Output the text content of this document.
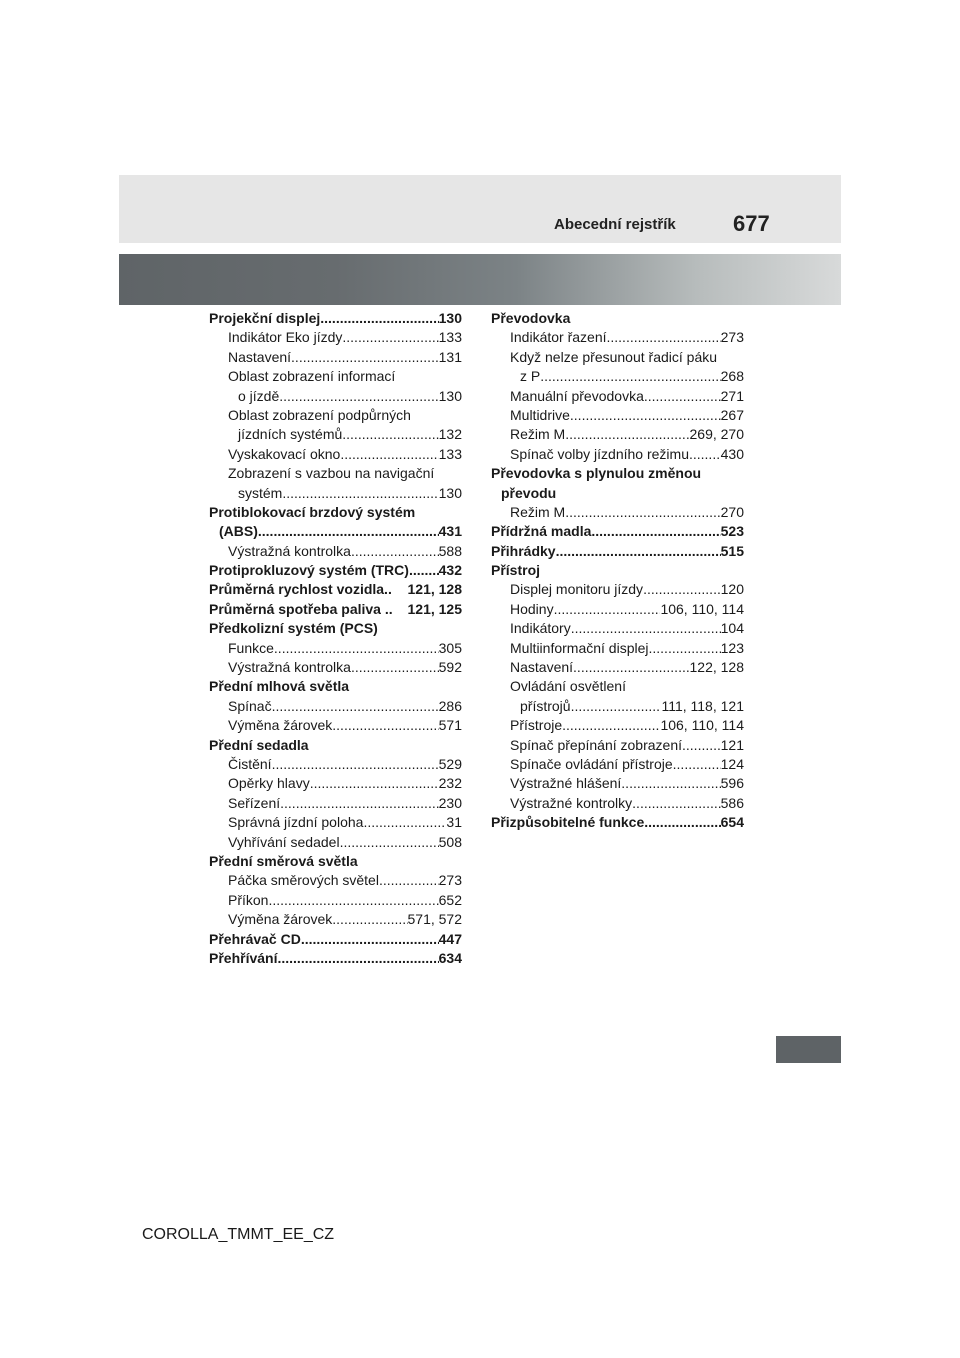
Abecední rejstřík	677
Projekční displej .....	130
Indikátor Eko jízdy .....	133
Nastavení .....	131
Oblast zobrazení informací
o jízdě .....	130
Oblast zobrazení podpůrných
jízdních systémů .....	132
Vyskakovací okno .....	133
Zobrazení s vazbou na navigační
systém .....	130
Protiblokovací brzdový systém
(ABS) .....	431
Výstražná kontrolka .....	588
Protiprokluzový systém (TRC) ..... 432
Průměrná rychlost vozidla.. 121, 128
Průměrná spotřeba paliva .. 121, 125
Předkolizní systém (PCS)
Funkce .....	305
Výstražná kontrolka .....	592
Přední mlhová světla
Spínač .....	286
Výměna žárovek .....	571
Přední sedadla
Čistění .....	529
Opěrky hlavy .....	232
Seřízení .....	230
Správná jízdní poloha .....	31
Vyhřívání sedadel .....	508
Přední směrová světla
Páčka směrových světel .....	273
Příkon .....	652
Výměna žárovek .....	571, 572
Přehrávač CD .....	447
Přehřívání .....	634
Převodovka
Indikátor řazení .....	273
Když nelze přesunout řadicí páku
z P .....	268
Manuální převodovka .....	271
Multidrive .....	267
Režim M .....	269, 270
Spínač volby jízdního režimu ..... 430
Převodovka s plynulou změnou
převodu
Režim M .....	270
Přídržná madla .....	523
Přihrádky .....	515
Přístroj
Displej monitoru jízdy .....	120
Hodiny .....	106, 110, 114
Indikátory .....	104
Multiinformační displej .....	123
Nastavení .....	122, 128
Ovládání osvětlení
přístrojů .....	111, 118, 121
Přístroje .....	106, 110, 114
Spínač přepínání zobrazení .....	121
Spínače ovládání přístroje .....	124
Výstražné hlášení .....	596
Výstražné kontrolky .....	586
Přizpůsobitelné funkce .....	654
COROLLA_TMMT_EE_CZ
